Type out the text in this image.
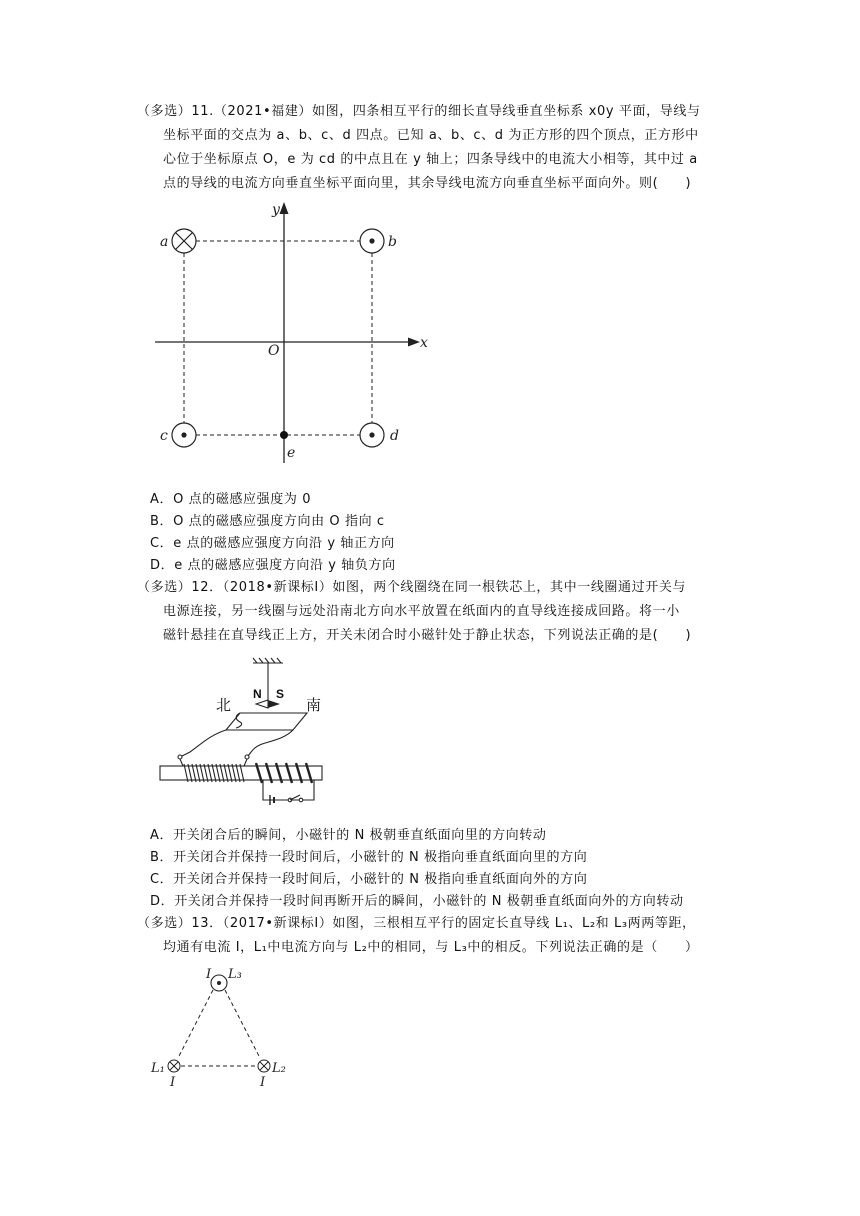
（多选）11.（2021•福建）如图，四条相互平行的细长直导线垂直坐标系 x0y 平面，导线与
坐标平面的交点为 a、b、c、d 四点。已知 a、b、c、d 为正方形的四个顶点，正方形中
心位于坐标原点 O，e 为 cd 的中点且在 y 轴上；四条导线中的电流大小相等，其中过 a
点的导线的电流方向垂直坐标平面向里，其余导线电流方向垂直坐标平面向外。则(　　)
y
x
O
a	b
c	d
e
A．O 点的磁感应强度为 0
B．O 点的磁感应强度方向由 O 指向 c
C．e 点的磁感应强度方向沿 y 轴正方向
D．e 点的磁感应强度方向沿 y 轴负方向
（多选）12．（2018•新课标Ⅰ）如图，两个线圈绕在同一根铁芯上，其中一线圈通过开关与
电源连接，另一线圈与远处沿南北方向水平放置在纸面内的直导线连接成回路。将一小
磁针悬挂在直导线正上方，开关未闭合时小磁针处于静止状态，下列说法正确的是(　　)
N S
北	南
A．开关闭合后的瞬间，小磁针的 N 极朝垂直纸面向里的方向转动
B．开关闭合并保持一段时间后，小磁针的 N 极指向垂直纸面向里的方向
C．开关闭合并保持一段时间后，小磁针的 N 极指向垂直纸面向外的方向
D．开关闭合并保持一段时间再断开后的瞬间，小磁针的 N 极朝垂直纸面向外的方向转动
（多选）13．（2017•新课标Ⅰ）如图，三根相互平行的固定长直导线 L₁、L₂和 L₃两两等距，
均通有电流 I，L₁中电流方向与 L₂中的相同，与 L₃中的相反。下列说法正确的是（　　）
I L₃
L₁
I	I
L₂
